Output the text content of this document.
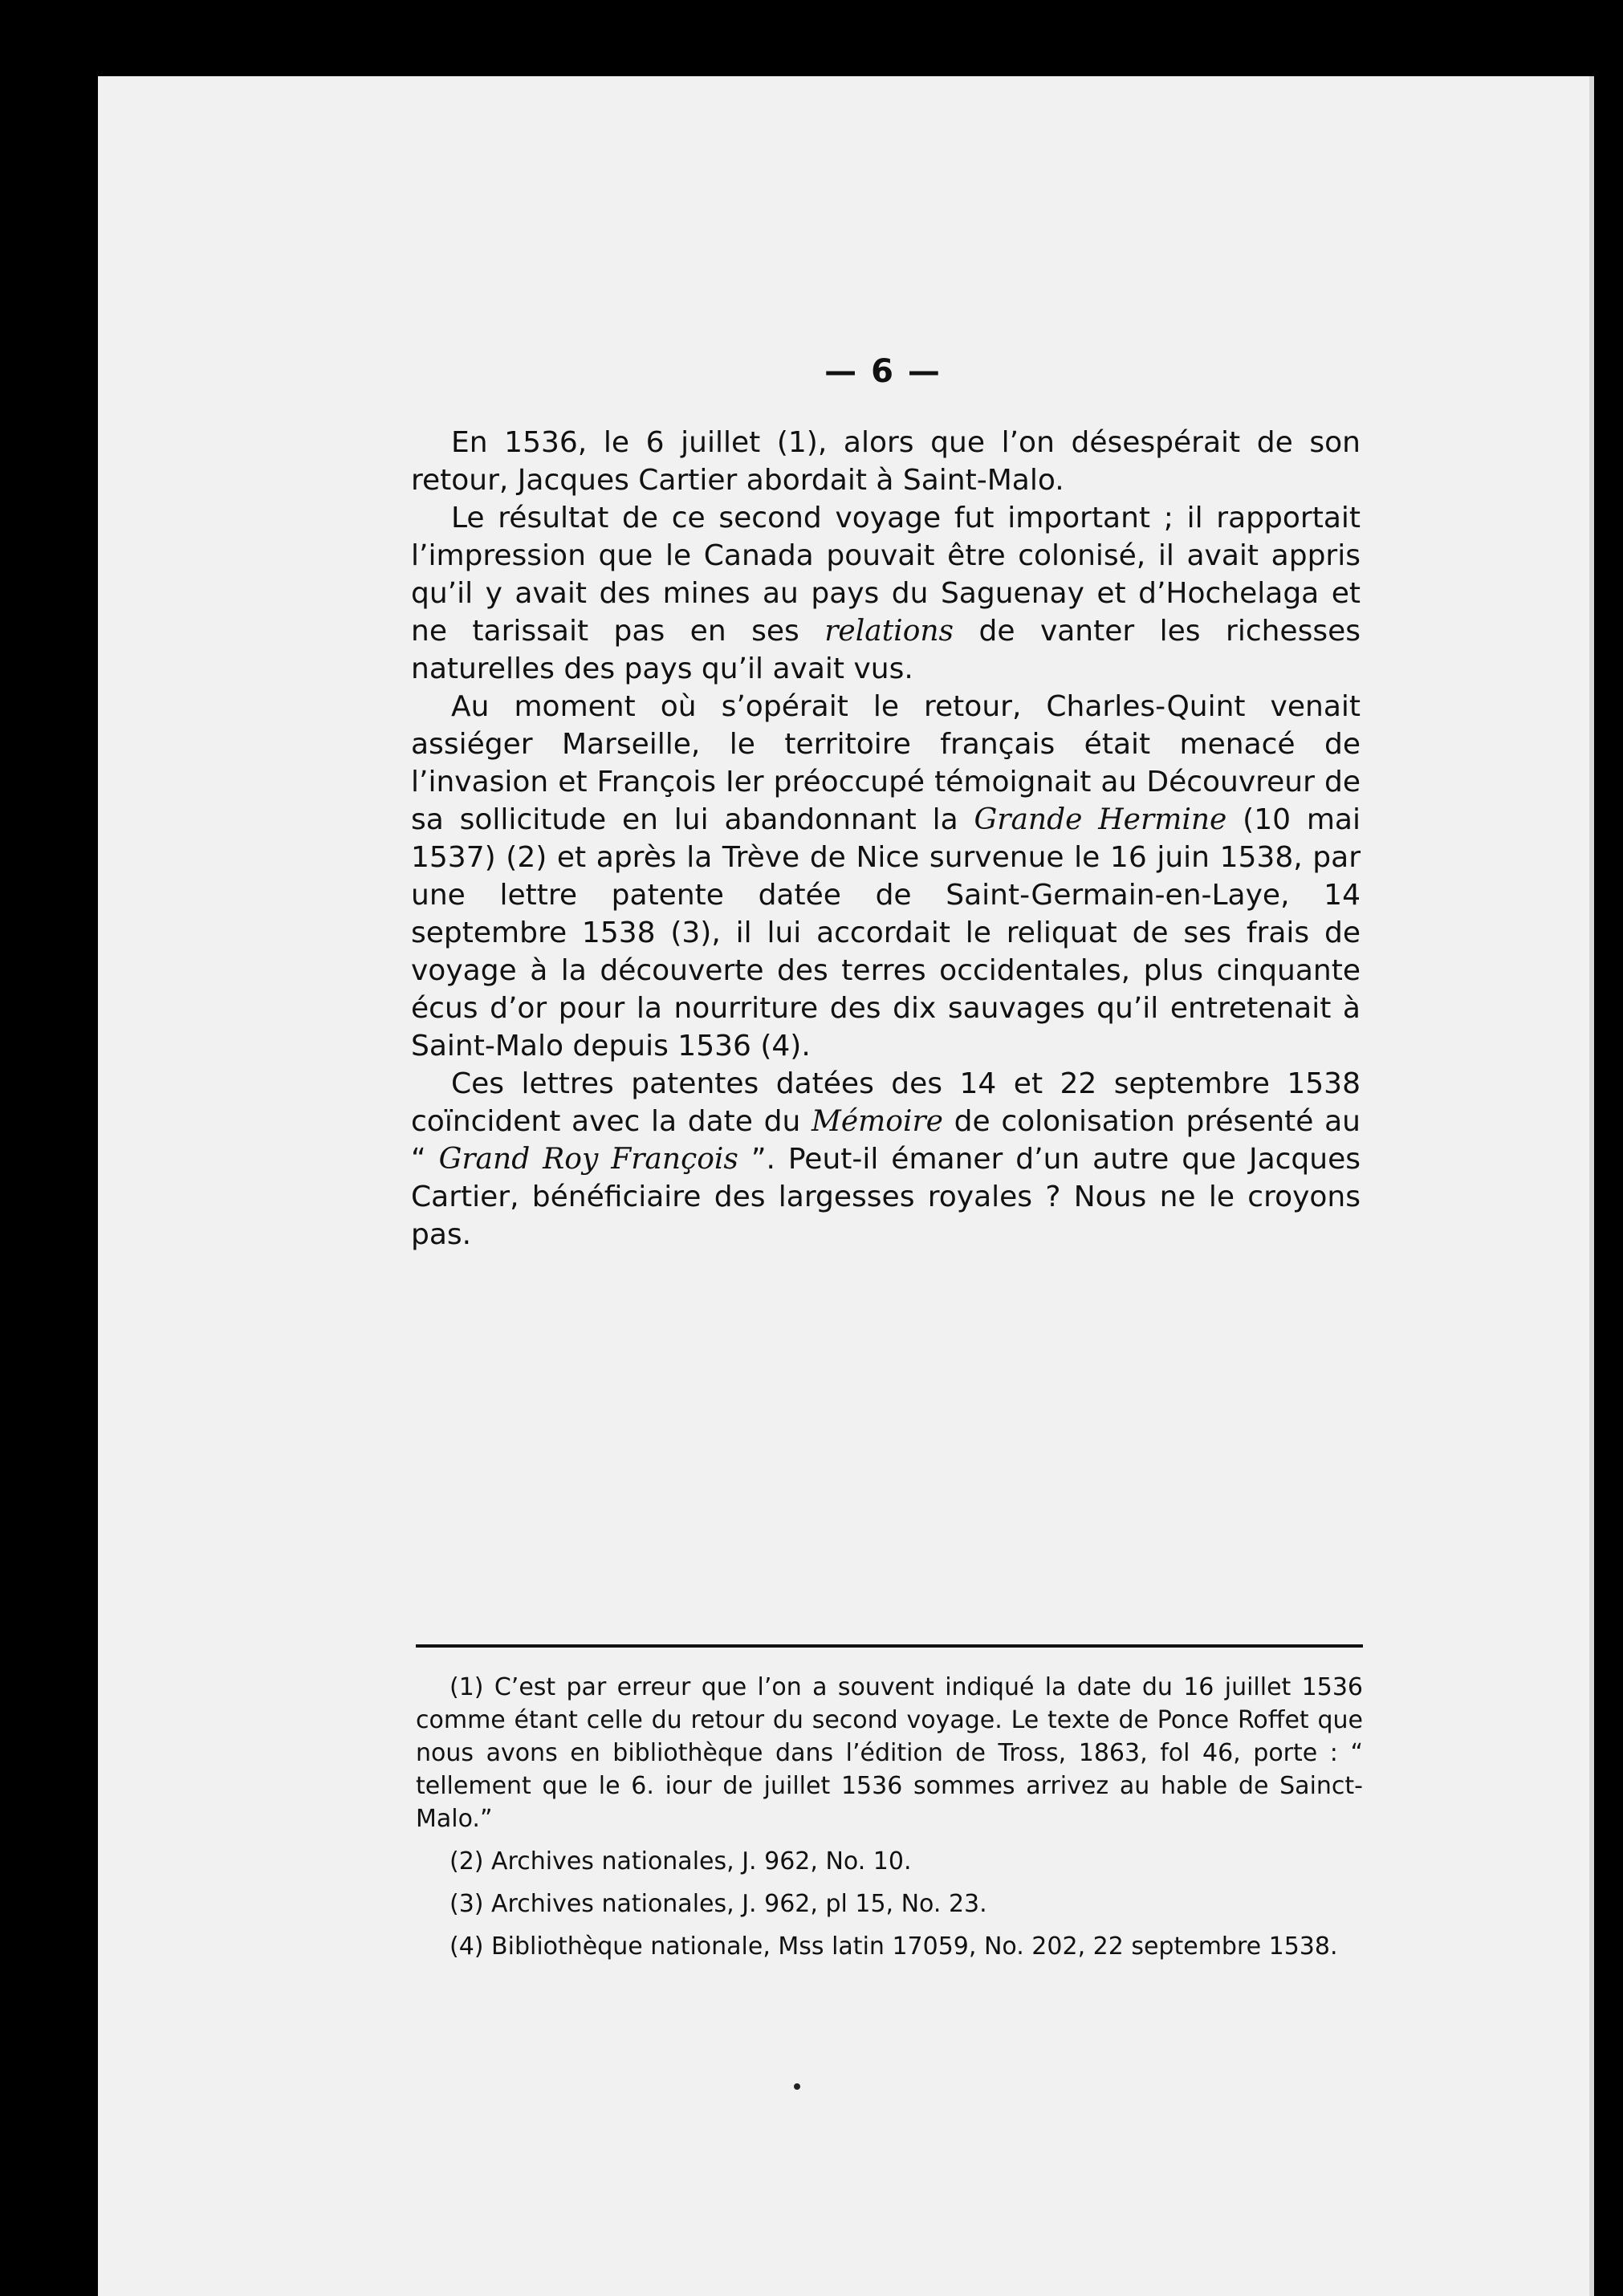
— 6 —

En 1536, le 6 juillet (1), alors que l’on désespérait de son retour, Jacques Cartier abordait à Saint-Malo.

Le résultat de ce second voyage fut important ; il rapportait l’impression que le Canada pouvait être colonisé, il avait appris qu’il y avait des mines au pays du Saguenay et d’Hochelaga et ne tarissait pas en ses relations de vanter les richesses naturelles des pays qu’il avait vus.

Au moment où s’opérait le retour, Charles-Quint venait assiéger Marseille, le territoire français était menacé de l’invasion et François Ier préoccupé témoignait au Découvreur de sa sollicitude en lui abandonnant la Grande Hermine (10 mai 1537) (2) et après la Trève de Nice survenue le 16 juin 1538, par une lettre patente datée de Saint-Germain-en-Laye, 14 septembre 1538 (3), il lui accordait le reliquat de ses frais de voyage à la découverte des terres occidentales, plus cinquante écus d’or pour la nourriture des dix sauvages qu’il entretenait à Saint-Malo depuis 1536 (4).

Ces lettres patentes datées des 14 et 22 septembre 1538 coïncident avec la date du Mémoire de colonisation présenté au “ Grand Roy François ”. Peut-il émaner d’un autre que Jacques Cartier, bénéficiaire des largesses royales ? Nous ne le croyons pas.

(1) C’est par erreur que l’on a souvent indiqué la date du 16 juillet 1536 comme étant celle du retour du second voyage. Le texte de Ponce Roffet que nous avons en bibliothèque dans l’édition de Tross, 1863, fol 46, porte : “ tellement que le 6. iour de juillet 1536 sommes arrivez au hable de Sainct-Malo.”

(2) Archives nationales, J. 962, No. 10.

(3) Archives nationales, J. 962, pl 15, No. 23.

(4) Bibliothèque nationale, Mss latin 17059, No. 202, 22 septembre 1538.
